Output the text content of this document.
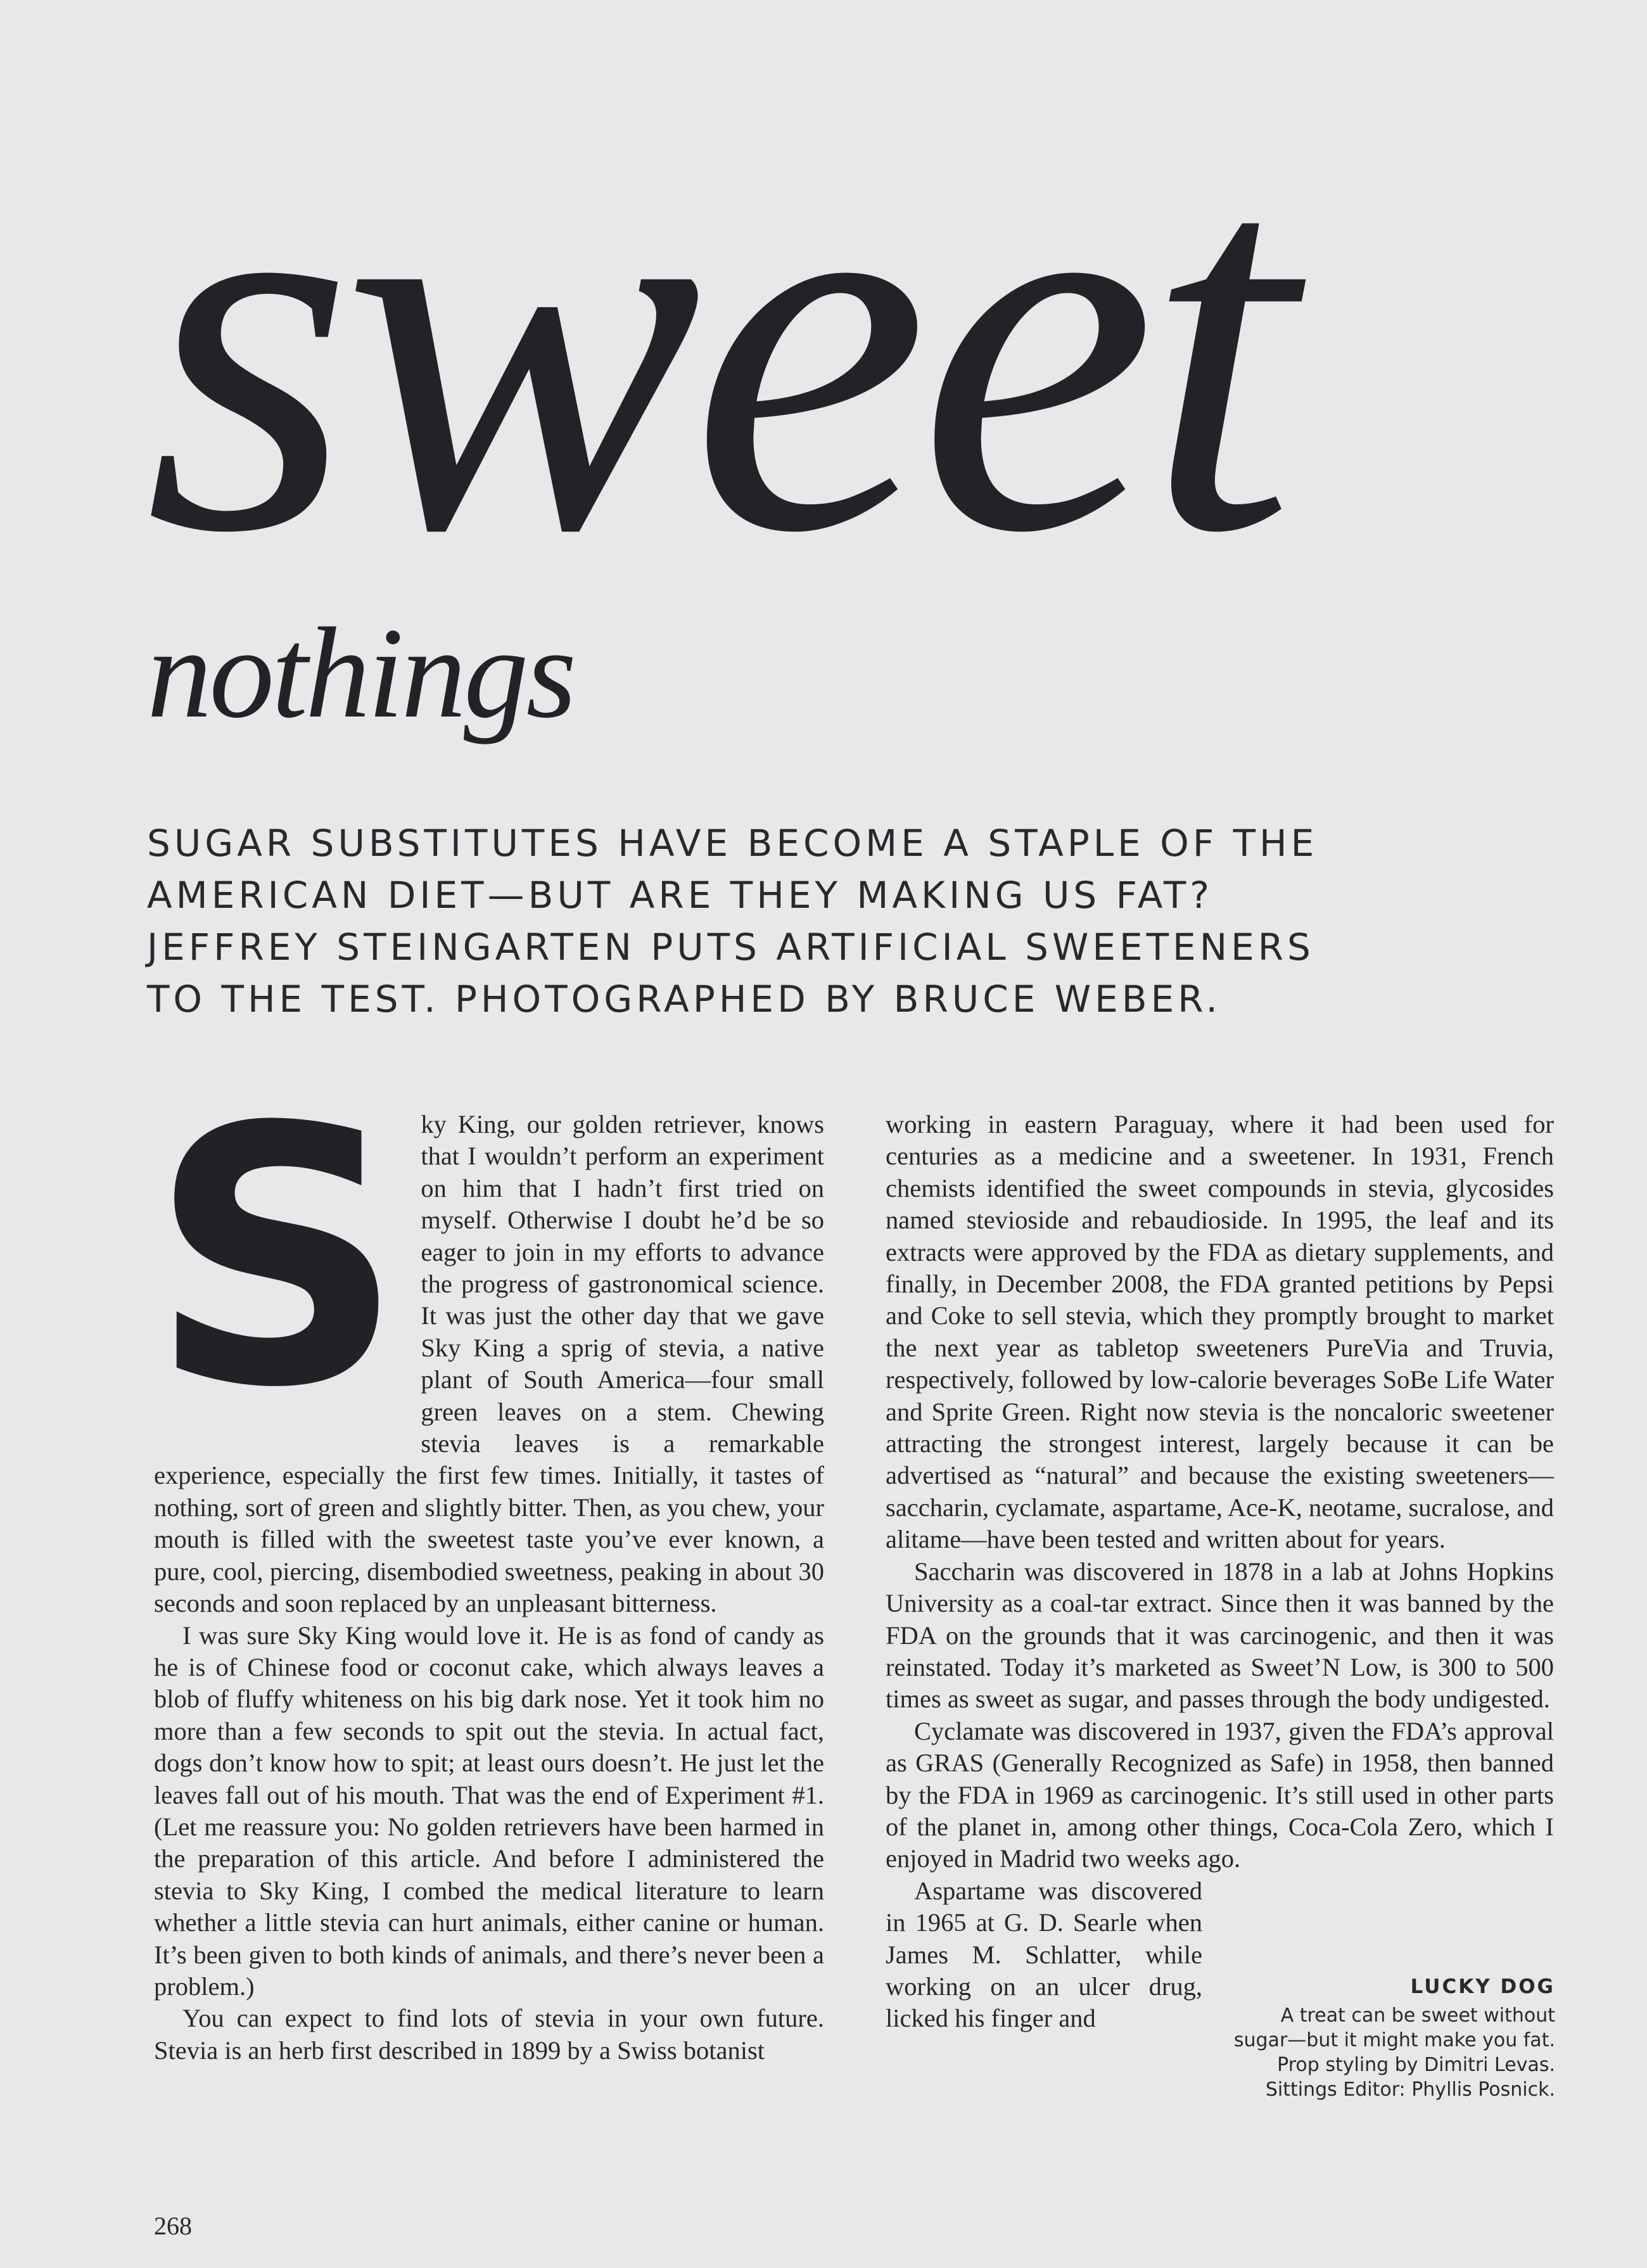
sweet
nothings
SUGAR SUBSTITUTES HAVE BECOME A STAPLE OF THE
AMERICAN DIET—BUT ARE THEY MAKING US FAT?
JEFFREY STEINGARTEN PUTS ARTIFICIAL SWEETENERS
TO THE TEST. PHOTOGRAPHED BY BRUCE WEBER.
S ky King, our golden retriever, knows that I wouldn’t perform an experiment on him that I hadn’t first tried on myself. Otherwise I doubt he’d be so eager to join in my efforts to advance the progress of gastronomical science. It was just the other day that we gave Sky King a sprig of stevia, a native plant of South America—four small green leaves on a stem. Chewing stevia leaves is a remarkable experience, especially the first few times. Initially, it tastes of nothing, sort of green and slightly bitter. Then, as you chew, your mouth is filled with the sweetest taste you’ve ever known, a pure, cool, piercing, disembodied sweetness, peaking in about 30 seconds and soon replaced by an unpleasant bitterness.

I was sure Sky King would love it. He is as fond of candy as he is of Chinese food or coconut cake, which always leaves a blob of fluffy whiteness on his big dark nose. Yet it took him no more than a few seconds to spit out the stevia. In actual fact, dogs don’t know how to spit; at least ours doesn’t. He just let the leaves fall out of his mouth. That was the end of Experiment #1. (Let me reassure you: No golden retrievers have been harmed in the preparation of this article. And before I administered the stevia to Sky King, I combed the medical literature to learn whether a little stevia can hurt animals, either canine or human. It’s been given to both kinds of animals, and there’s never been a problem.)

You can expect to find lots of stevia in your own future. Stevia is an herb first described in 1899 by a Swiss botanist

working in eastern Paraguay, where it had been used for centuries as a medicine and a sweetener. In 1931, French chemists identified the sweet compounds in stevia, glycosides named stevioside and rebaudioside. In 1995, the leaf and its extracts were approved by the FDA as dietary supplements, and finally, in December 2008, the FDA granted petitions by Pepsi and Coke to sell stevia, which they promptly brought to market the next year as tabletop sweeteners PureVia and Truvia, respectively, followed by low-calorie beverages SoBe Life Water and Sprite Green. Right now stevia is the noncaloric sweetener attracting the strongest interest, largely because it can be advertised as “natural” and because the existing sweeteners—saccharin, cyclamate, aspartame, Ace-K, neotame, sucralose, and alitame—have been tested and written about for years.

Saccharin was discovered in 1878 in a lab at Johns Hopkins University as a coal-tar extract. Since then it was banned by the FDA on the grounds that it was carcinogenic, and then it was reinstated. Today it’s marketed as Sweet’N Low, is 300 to 500 times as sweet as sugar, and passes through the body undigested.

Cyclamate was discovered in 1937, given the FDA’s approval as GRAS (Generally Recognized as Safe) in 1958, then banned by the FDA in 1969 as carcinogenic. It’s still used in other parts of the planet in, among other things, Coca-Cola Zero, which I enjoyed in Madrid two weeks ago.

Aspartame was discovered in 1965 at G. D. Searle when James M. Schlatter, while working on an ulcer drug, licked his finger and

LUCKY DOG
A treat can be sweet without
sugar—but it might make you fat.
Prop styling by Dimitri Levas.
Sittings Editor: Phyllis Posnick.
268
